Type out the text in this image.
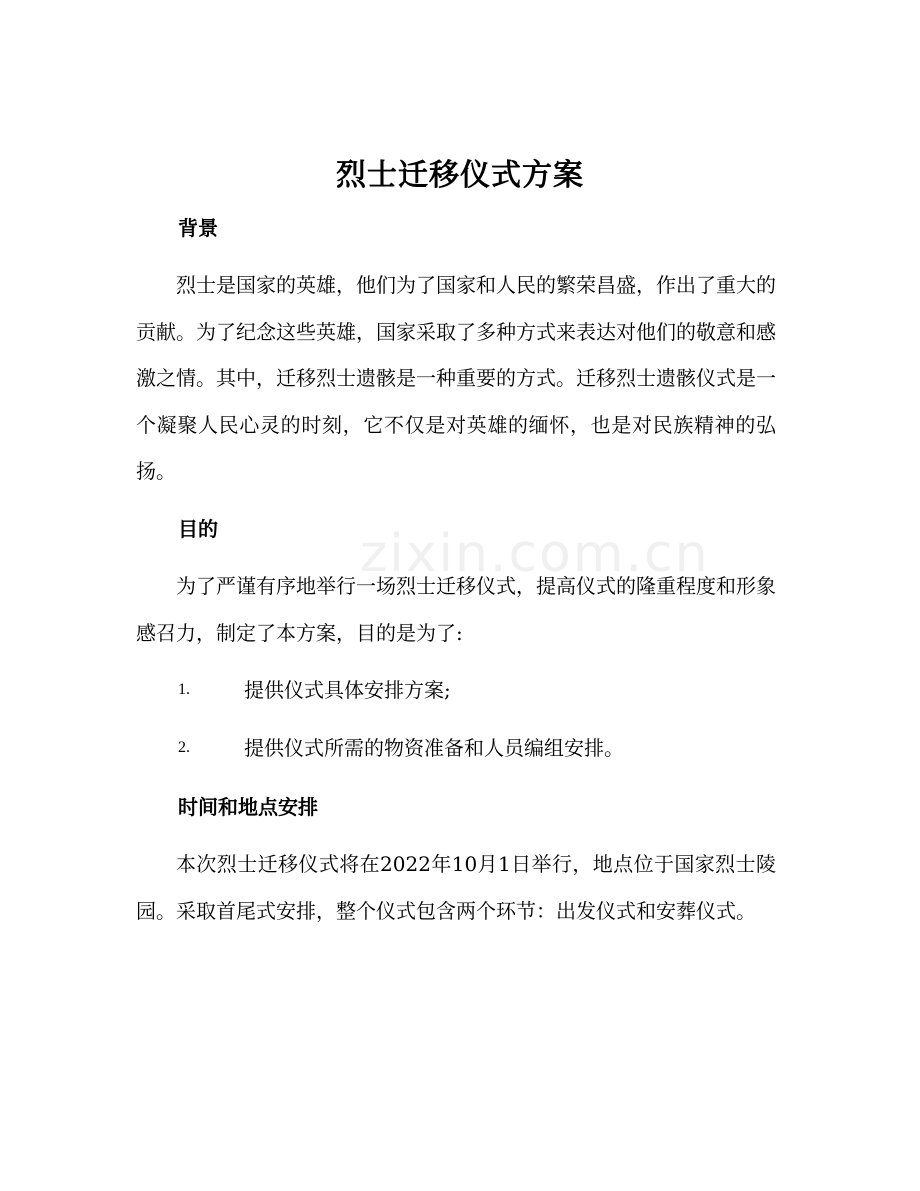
zixin.com.cn
烈士迁移仪式方案
背景

烈士是国家的英雄，他们为了国家和人民的繁荣昌盛，作出了重大的贡献。为了纪念这些英雄，国家采取了多种方式来表达对他们的敬意和感激之情。其中，迁移烈士遗骸是一种重要的方式。迁移烈士遗骸仪式是一个凝聚人民心灵的时刻，它不仅是对英雄的缅怀，也是对民族精神的弘扬。

目的

为了严谨有序地举行一场烈士迁移仪式，提高仪式的隆重程度和形象感召力，制定了本方案，目的是为了:

1.	提供仪式具体安排方案;
2.	提供仪式所需的物资准备和人员编组安排。
时间和地点安排

本次烈士迁移仪式将在2022年10月1日举行，地点位于国家烈士陵园。采取首尾式安排，整个仪式包含两个环节：出发仪式和安葬仪式。
